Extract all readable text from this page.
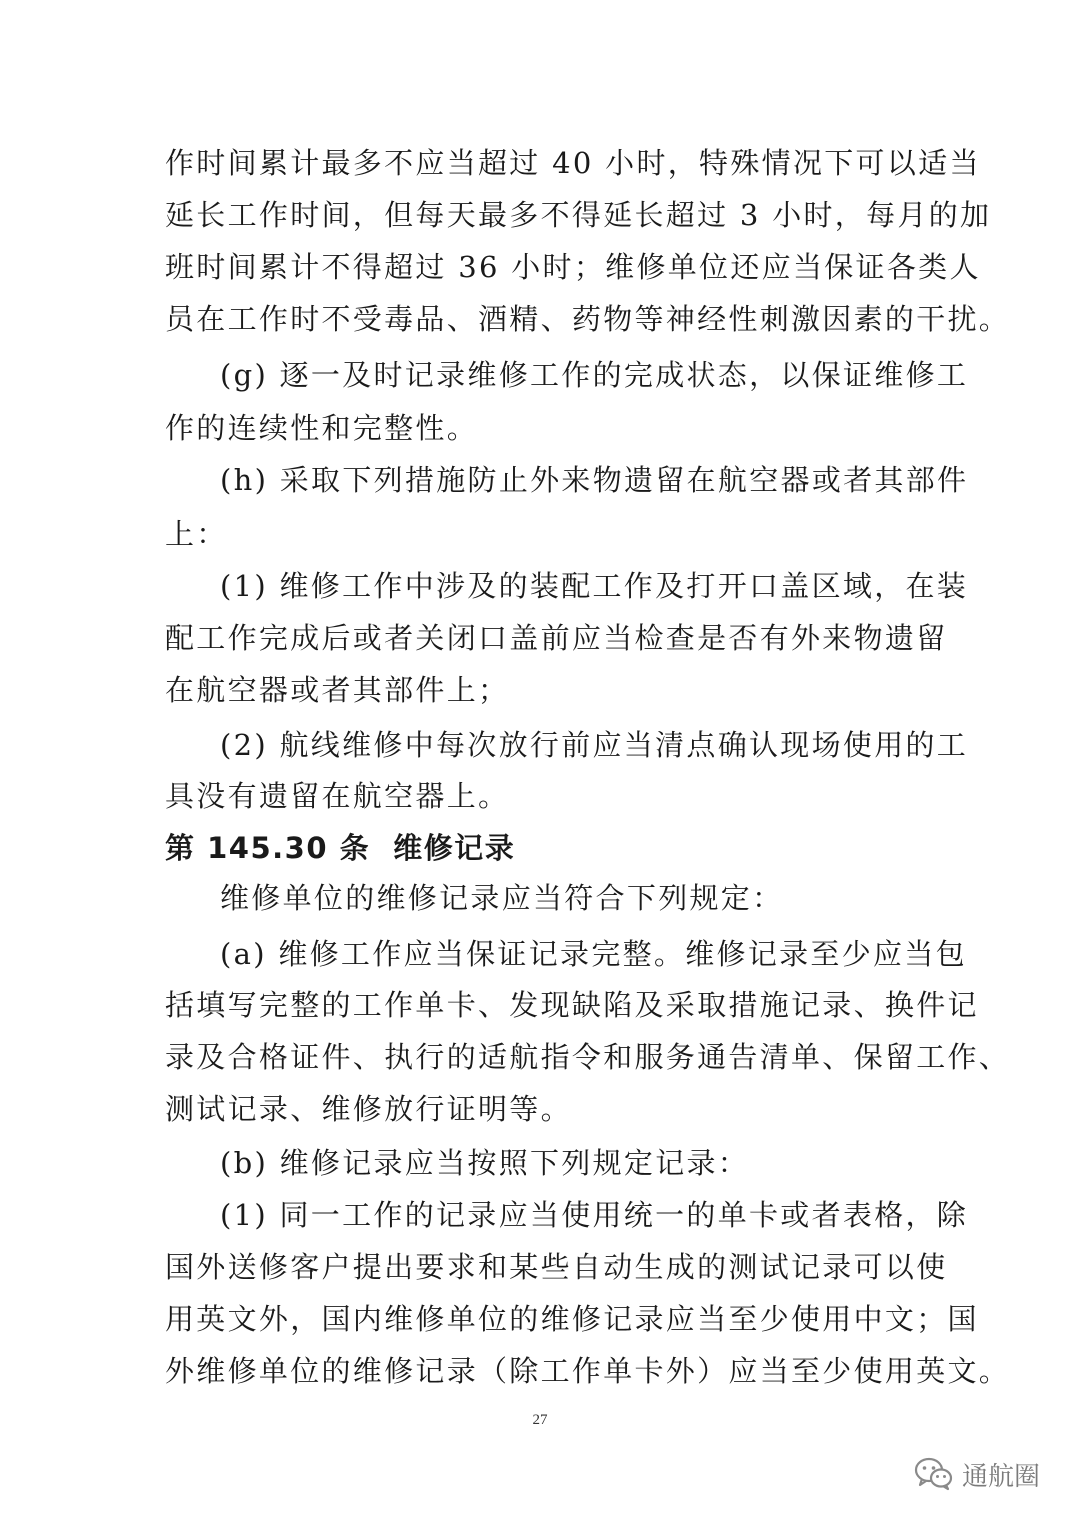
作时间累计最多不应当超过 40 小时，特殊情况下可以适当
延长工作时间，但每天最多不得延长超过 3 小时，每月的加
班时间累计不得超过 36 小时；维修单位还应当保证各类人
员在工作时不受毒品、酒精、药物等神经性刺激因素的干扰。
(g) 逐一及时记录维修工作的完成状态，以保证维修工
作的连续性和完整性。
(h) 采取下列措施防止外来物遗留在航空器或者其部件
上：
(1) 维修工作中涉及的装配工作及打开口盖区域，在装
配工作完成后或者关闭口盖前应当检查是否有外来物遗留
在航空器或者其部件上；
(2) 航线维修中每次放行前应当清点确认现场使用的工
具没有遗留在航空器上。
第 145.30 条  维修记录
维修单位的维修记录应当符合下列规定：
(a) 维修工作应当保证记录完整。维修记录至少应当包
括填写完整的工作单卡、发现缺陷及采取措施记录、换件记
录及合格证件、执行的适航指令和服务通告清单、保留工作、
测试记录、维修放行证明等。
(b) 维修记录应当按照下列规定记录：
(1) 同一工作的记录应当使用统一的单卡或者表格，除
国外送修客户提出要求和某些自动生成的测试记录可以使
用英文外，国内维修单位的维修记录应当至少使用中文；国
外维修单位的维修记录（除工作单卡外）应当至少使用英文。
27
通航圈
